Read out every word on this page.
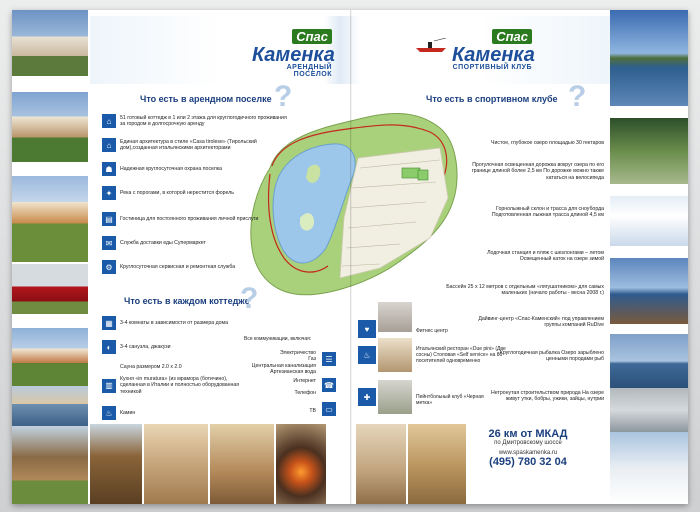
Спас
Каменка
АРЕНДНЫЙ ПОСЕЛОК
Спас
Каменка
СПОРТИВНЫЙ КЛУБ
Что есть в арендном поселке ?	Что есть в спортивном клубе ?
Что есть в каждом коттедже
?
⌂	51 готовый коттедж в 1 или 2 этажа для круглогодичного проживания за городом в долгосрочную аренду
⌂	Единая архитектура в стиле «Casa tirolese» (Тирольский дом),созданная итальянскими архитекторами
☗	Надежная круглосуточная охрана поселка
✦	Река с порогами, в которой нерестится форель
▤	Гостиница для постоянного проживания личной прислуги
✉	Служба доставки еды Супермаркет
⚙	Круглосуточная сервисная и ремонтная служба
▦	3-4 комнаты в зависимости от размера дома
◐	3-4 санузла, джакузи
Сауна размером 2.0 х 2.0
▥
Кухня «in muratura» (из мрамора (ботичино), сделанная в Италии и полностью оборудованная техникой
♨	Камин
Все коммуникации, включая:
Электричество
Газ
Центральная канализация
Артезианская вода
☰
Интернет
Телефон
☎
ТВ	▭
Чистое, глубокое озеро площадью 30 гектаров
Прогулочная освещенная дорожка вокруг озера по его границе длиной более 2,5 км По дорожке можно также кататься на велосипеда
Горнолыжный склон и трасса для сноуборда Подготовленная лыжная трасса длиной 4,5 км
Лодочная станция и пляж с шезлонгами – летом Освещенный каток на озере зимой
Бассейн 25 х 12 метров с отдельным «лягушатником» для самых маленьких (начало работы - весна 2008 г.)
Дайвинг-центр «Спас-Каменский» под управлением группы компаний RuDive
Круглогодичная рыбалка Озеро зарыблено ценными породами рыб
Нетронутая строительством природа На озере живут утки, бобры, ужики, зайцы, нутрии
♥
♨
✚
Фитнес центр
Итальянский ресторан «Due pini» (Две сосны) Столовая «Self service» на 80 посетителей одновременно
Пейнтбольный клуб «Черная метка»
26 км от МКАД
по Дмитровскому шоссе
www.spaskamenka.ru
(495) 780 32 04
